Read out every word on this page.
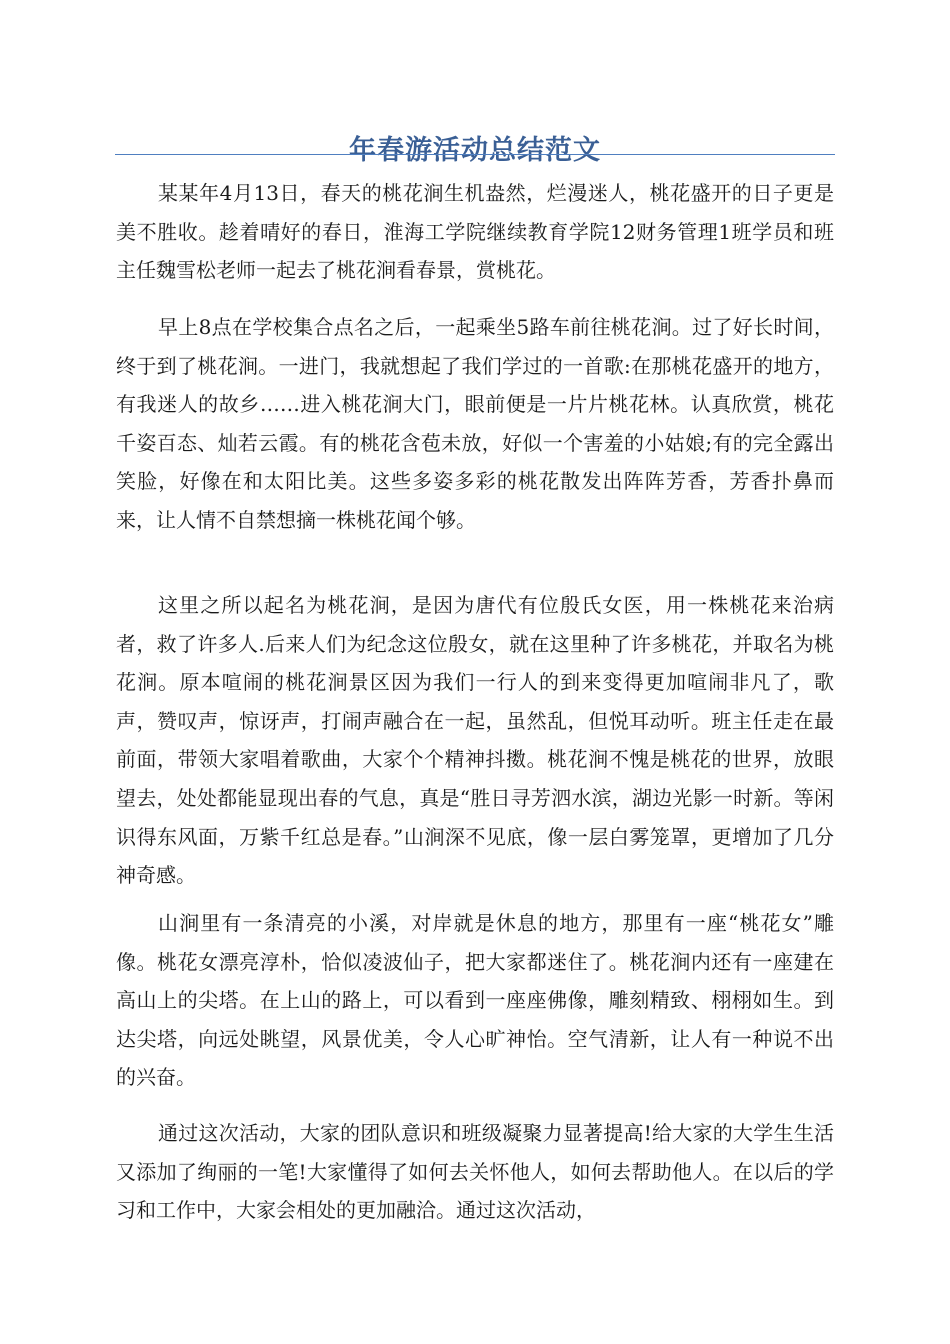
年春游活动总结范文

某某年4月13日，春天的桃花涧生机盎然，烂漫迷人，桃花盛开的日子更是美不胜收。趁着晴好的春日，淮海工学院继续教育学院12财务管理1班学员和班主任魏雪松老师一起去了桃花涧看春景，赏桃花。

早上8点在学校集合点名之后，一起乘坐5路车前往桃花涧。过了好长时间，终于到了桃花涧。一进门，我就想起了我们学过的一首歌:在那桃花盛开的地方，有我迷人的故乡……进入桃花涧大门，眼前便是一片片桃花林。认真欣赏，桃花千姿百态、灿若云霞。有的桃花含苞未放，好似一个害羞的小姑娘;有的完全露出笑脸，好像在和太阳比美。这些多姿多彩的桃花散发出阵阵芳香，芳香扑鼻而来，让人情不自禁想摘一株桃花闻个够。

这里之所以起名为桃花涧，是因为唐代有位殷氏女医，用一株桃花来治病者，救了许多人.后来人们为纪念这位殷女，就在这里种了许多桃花，并取名为桃花涧。原本喧闹的桃花涧景区因为我们一行人的到来变得更加喧闹非凡了，歌声，赞叹声，惊讶声，打闹声融合在一起，虽然乱，但悦耳动听。班主任走在最前面，带领大家唱着歌曲，大家个个精神抖擞。桃花涧不愧是桃花的世界，放眼望去，处处都能显现出春的气息，真是“胜日寻芳泗水滨，湖边光影一时新。等闲识得东风面，万紫千红总是春。”山涧深不见底，像一层白雾笼罩，更增加了几分神奇感。

山涧里有一条清亮的小溪，对岸就是休息的地方，那里有一座“桃花女”雕像。桃花女漂亮淳朴，恰似凌波仙子，把大家都迷住了。桃花涧内还有一座建在高山上的尖塔。在上山的路上，可以看到一座座佛像，雕刻精致、栩栩如生。到达尖塔，向远处眺望，风景优美，令人心旷神怡。空气清新，让人有一种说不出的兴奋。

通过这次活动，大家的团队意识和班级凝聚力显著提高!给大家的大学生生活又添加了绚丽的一笔!大家懂得了如何去关怀他人，如何去帮助他人。在以后的学习和工作中，大家会相处的更加融洽。通过这次活动，
